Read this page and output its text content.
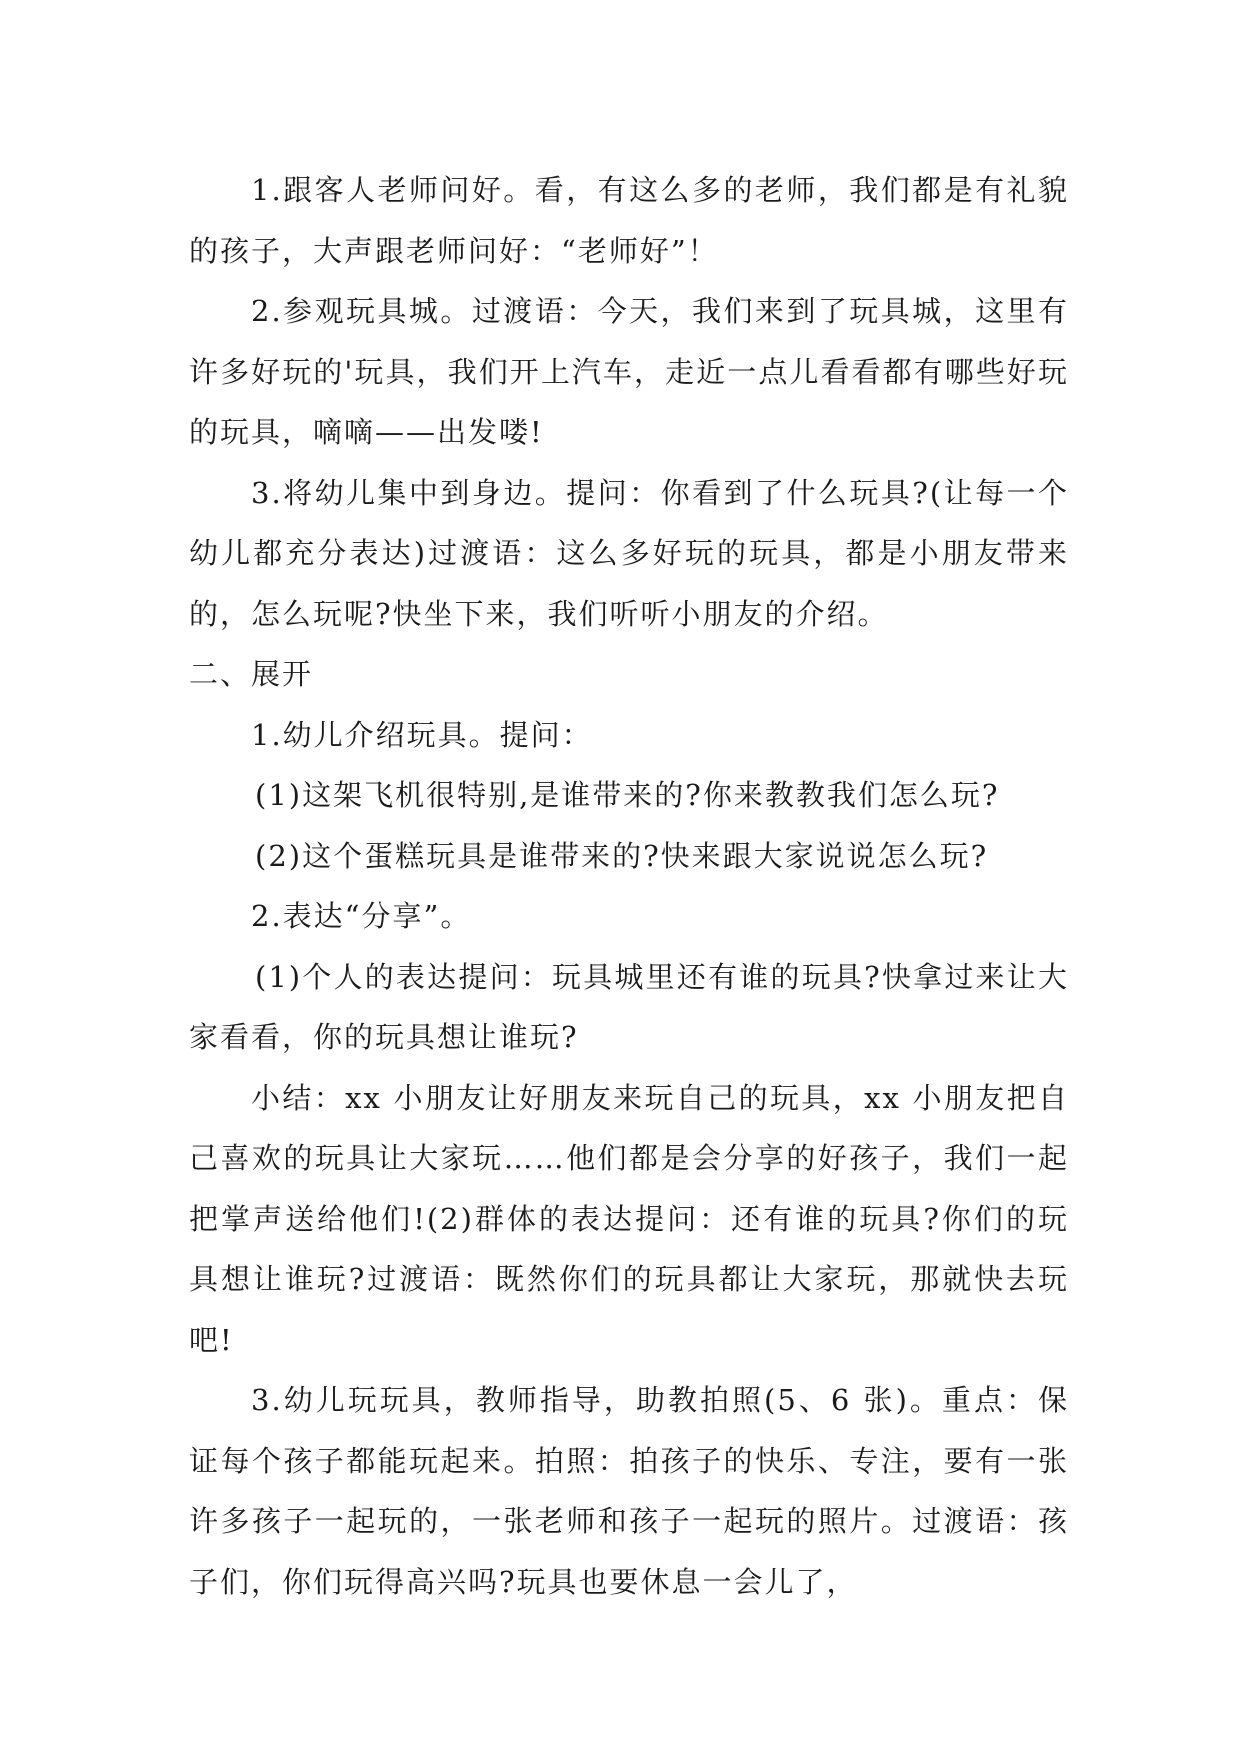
1.跟客人老师问好。看，有这么多的老师，我们都是有礼貌的孩子，大声跟老师问好：“老师好”！

2.参观玩具城。过渡语：今天，我们来到了玩具城，这里有许多好玩的'玩具，我们开上汽车，走近一点儿看看都有哪些好玩的玩具，嘀嘀——出发喽!

3.将幼儿集中到身边。提问：你看到了什么玩具?(让每一个幼儿都充分表达)过渡语：这么多好玩的玩具，都是小朋友带来的，怎么玩呢?快坐下来，我们听听小朋友的介绍。

二、展开

1.幼儿介绍玩具。提问：

(1)这架飞机很特别,是谁带来的?你来教教我们怎么玩?

(2)这个蛋糕玩具是谁带来的?快来跟大家说说怎么玩?

2.表达“分享”。

(1)个人的表达提问：玩具城里还有谁的玩具?快拿过来让大家看看，你的玩具想让谁玩?

小结：xx 小朋友让好朋友来玩自己的玩具，xx 小朋友把自己喜欢的玩具让大家玩……他们都是会分享的好孩子，我们一起把掌声送给他们!(2)群体的表达提问：还有谁的玩具?你们的玩具想让谁玩?过渡语：既然你们的玩具都让大家玩，那就快去玩吧!

3.幼儿玩玩具，教师指导，助教拍照(5、6 张)。重点：保证每个孩子都能玩起来。拍照：拍孩子的快乐、专注，要有一张许多孩子一起玩的，一张老师和孩子一起玩的照片。过渡语：孩子们，你们玩得高兴吗?玩具也要休息一会儿了，
